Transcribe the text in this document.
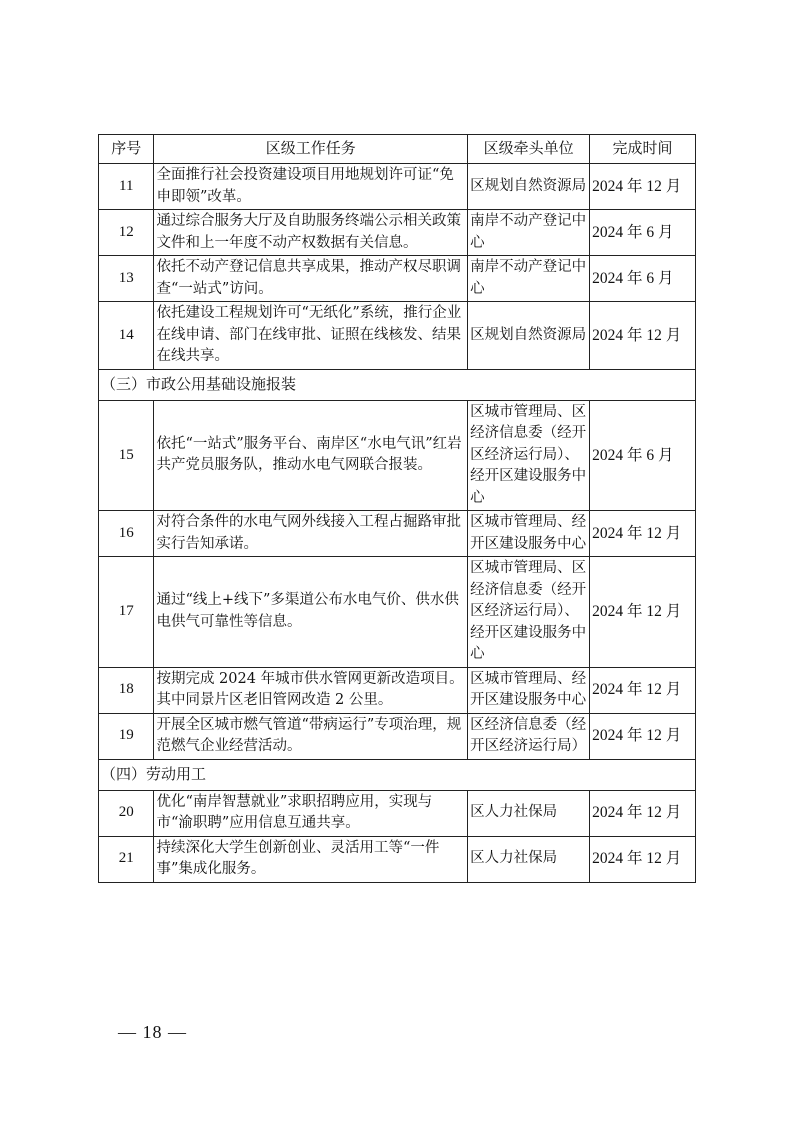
序号	区级工作任务	区级牵头单位	完成时间
11	全面推行社会投资建设项目用地规划许可证“免申即领”改革。	区规划自然资源局	2024 年 12 月
12	通过综合服务大厅及自助服务终端公示相关政策文件和上一年度不动产权数据有关信息。	南岸不动产登记中心	2024 年 6 月
13	依托不动产登记信息共享成果，推动产权尽职调查“一站式”访问。	南岸不动产登记中心	2024 年 6 月
14	依托建设工程规划许可“无纸化”系统，推行企业在线申请、部门在线审批、证照在线核发、结果在线共享。	区规划自然资源局	2024 年 12 月
（三）市政公用基础设施报装			
15	依托“一站式”服务平台、南岸区“水电气讯”红岩共产党员服务队，推动水电气网联合报装。	区城市管理局、区经济信息委（经开区经济运行局）、经开区建设服务中心	2024 年 6 月
16	对符合条件的水电气网外线接入工程占掘路审批实行告知承诺。	区城市管理局、经开区建设服务中心	2024 年 12 月
17	通过“线上+线下”多渠道公布水电气价、供水供电供气可靠性等信息。	区城市管理局、区经济信息委（经开区经济运行局）、经开区建设服务中心	2024 年 12 月
18	按期完成 2024 年城市供水管网更新改造项目。其中同景片区老旧管网改造 2 公里。	区城市管理局、经开区建设服务中心	2024 年 12 月
19	开展全区城市燃气管道“带病运行”专项治理，规范燃气企业经营活动。	区经济信息委（经开区经济运行局）	2024 年 12 月
（四）劳动用工			
20	优化“南岸智慧就业”求职招聘应用，实现与市“渝职聘”应用信息互通共享。	区人力社保局	2024 年 12 月
21	持续深化大学生创新创业、灵活用工等“一件事”集成化服务。	区人力社保局	2024 年 12 月
— 18 —
